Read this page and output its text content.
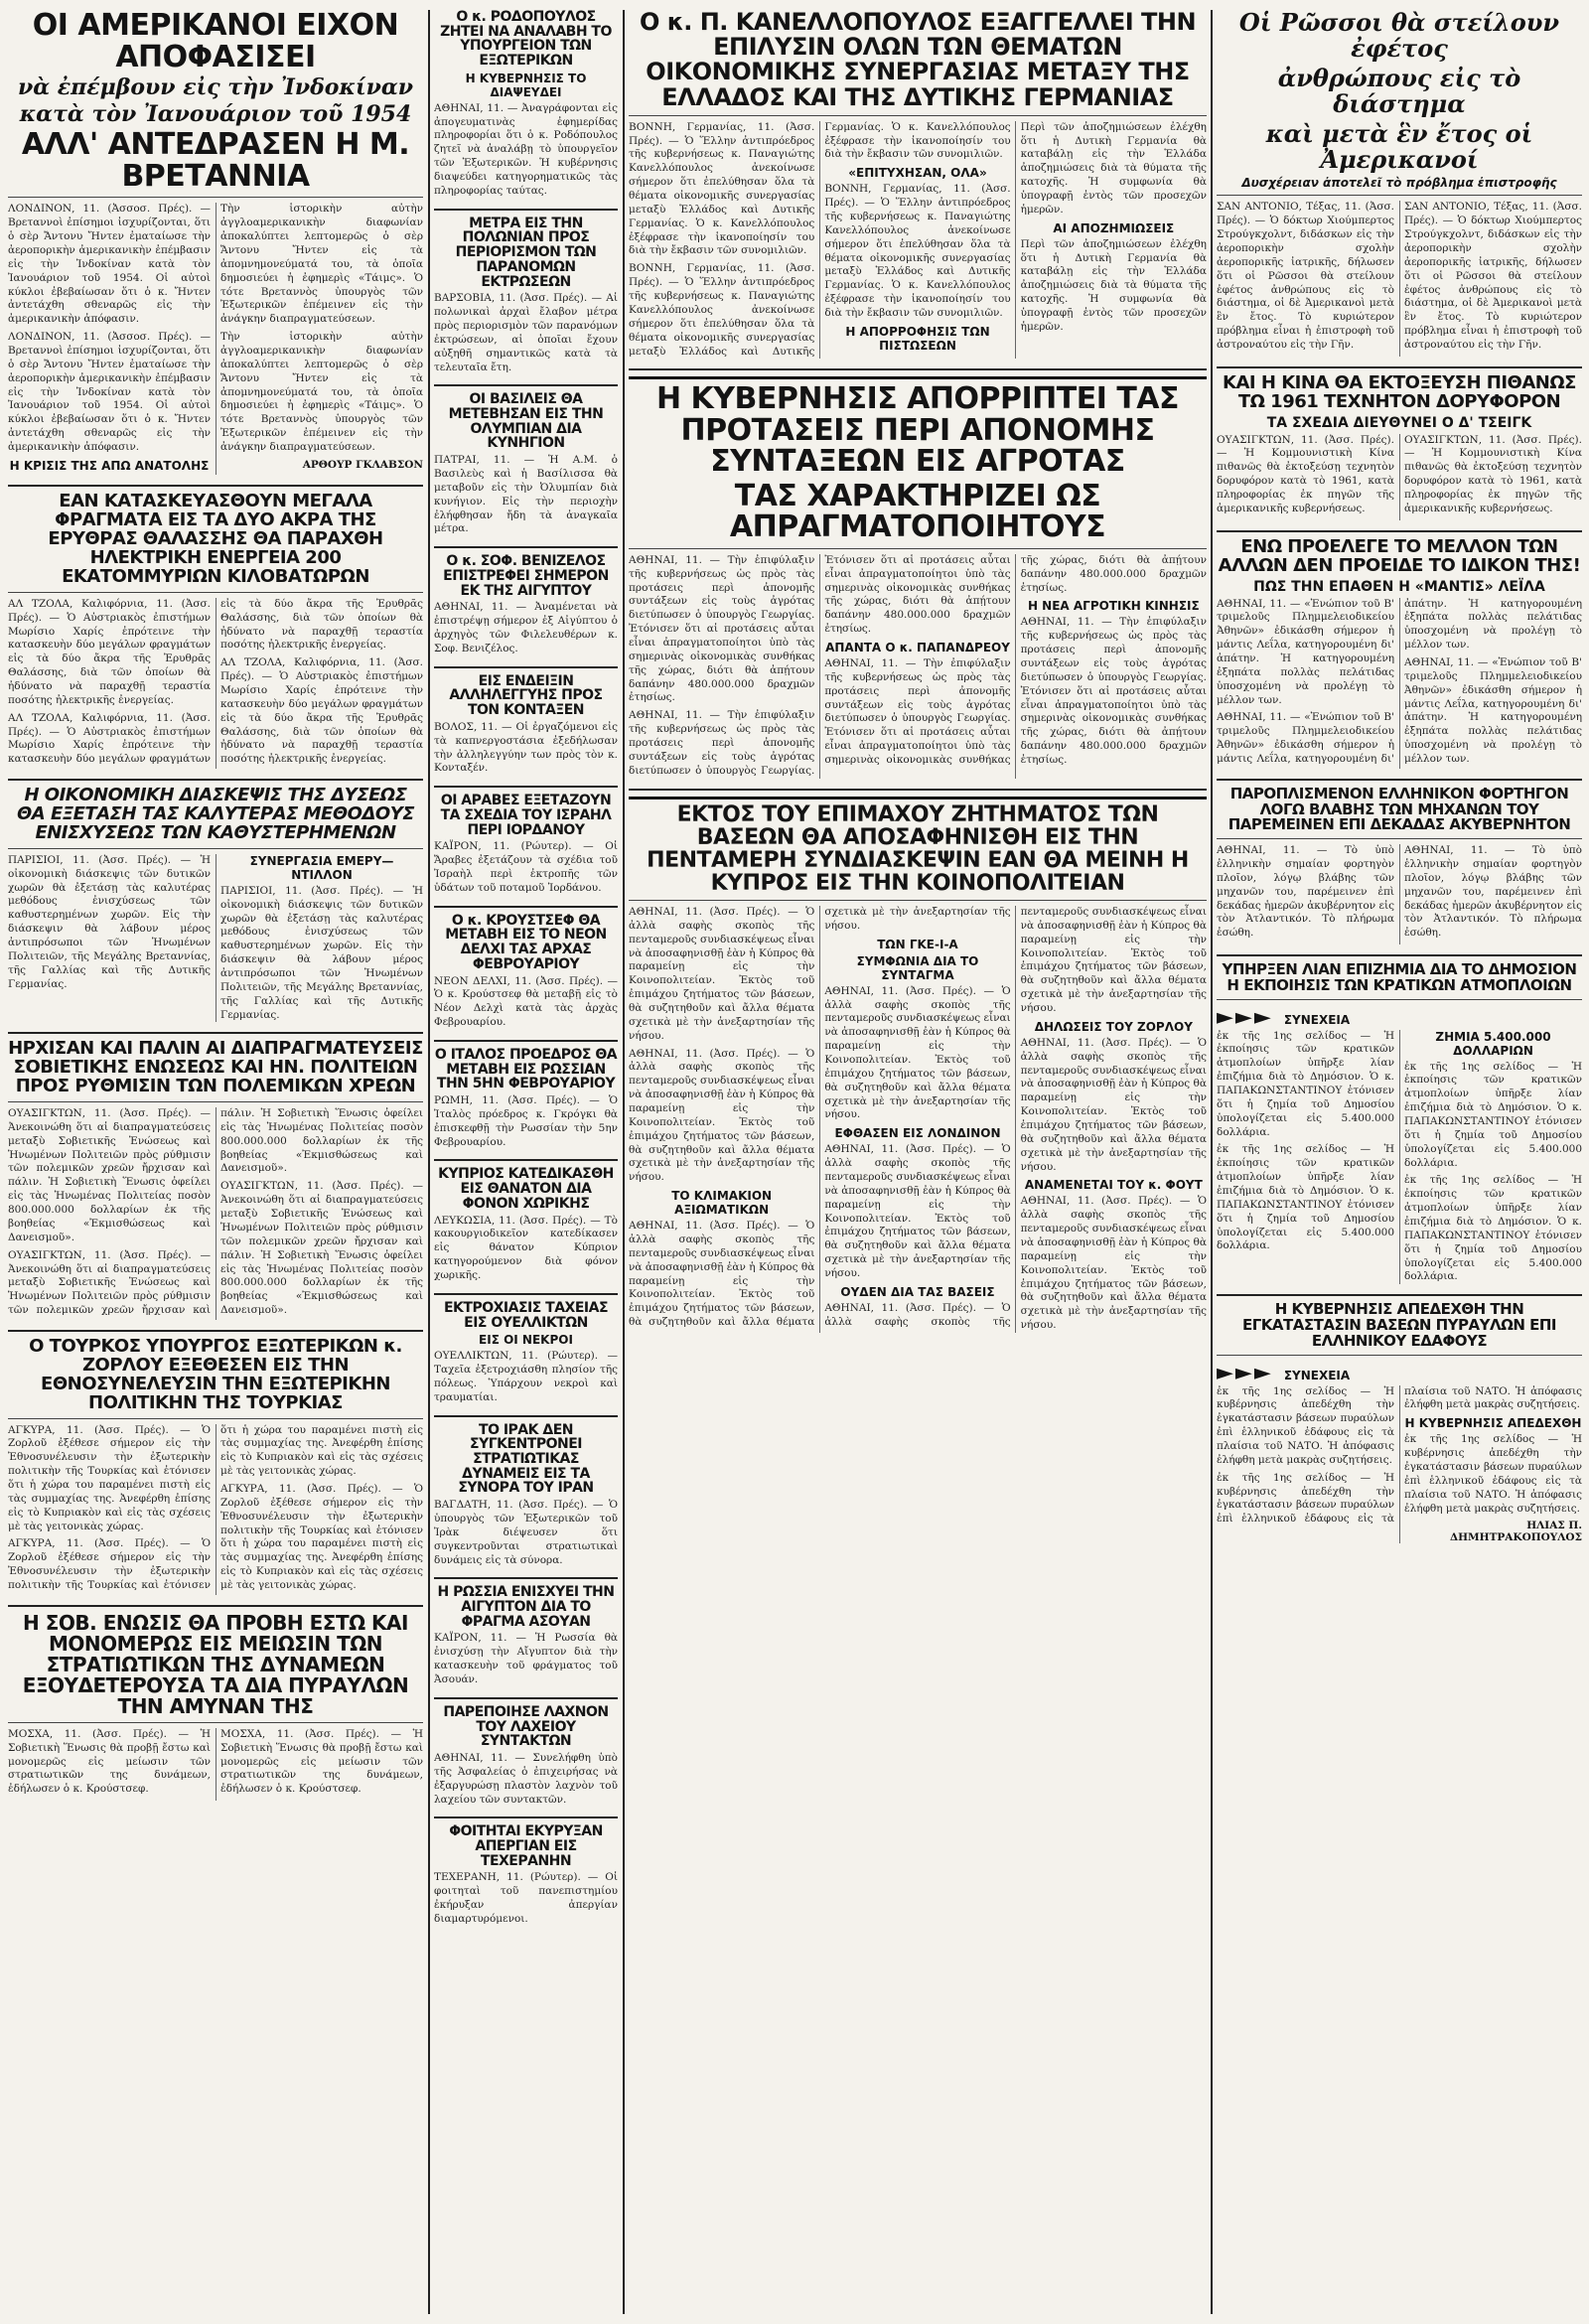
ΟΙ ΑΜΕΡΙΚΑΝΟΙ ΕΙΧΟΝ ΑΠΟΦΑΣΙΣΕΙ
νὰ ἐπέμβουν εἰς τὴν Ἰνδοκίναν
κατὰ τὸν Ἰανουάριον τοῦ 1954
ΑΛΛ' ΑΝΤΕΔΡΑΣΕΝ Η Μ. ΒΡΕΤΑΝΝΙΑ

ΛΟΝΔΙΝΟΝ, 11. (Ἀσσοσ. Πρές). — Βρεταννοὶ ἐπίσημοι ἰσχυρίζονται, ὅτι ὁ σὲρ Ἄντονυ Ἤντεν ἐματαίωσε τὴν ἀεροπορικὴν ἀμερικανικὴν ἐπέμβασιν εἰς τὴν Ἰνδοκίναν κατὰ τὸν Ἰανουάριον τοῦ 1954. Οἱ αὐτοὶ κύκλοι ἐβεβαίωσαν ὅτι ὁ κ. Ἤντεν ἀντετάχθη σθεναρῶς εἰς τὴν ἀμερικανικὴν ἀπόφασιν.

ΛΟΝΔΙΝΟΝ, 11. (Ἀσσοσ. Πρές). — Βρεταννοὶ ἐπίσημοι ἰσχυρίζονται, ὅτι ὁ σὲρ Ἄντονυ Ἤντεν ἐματαίωσε τὴν ἀεροπορικὴν ἀμερικανικὴν ἐπέμβασιν εἰς τὴν Ἰνδοκίναν κατὰ τὸν Ἰανουάριον τοῦ 1954. Οἱ αὐτοὶ κύκλοι ἐβεβαίωσαν ὅτι ὁ κ. Ἤντεν ἀντετάχθη σθεναρῶς εἰς τὴν ἀμερικανικὴν ἀπόφασιν.

Η ΚΡΙΣΙΣ ΤΗΣ ΑΠΩ ΑΝΑΤΟΛΗΣ

Τὴν ἱστορικὴν αὐτὴν ἀγγλοαμερικανικὴν διαφωνίαν ἀποκαλύπτει λεπτομερῶς ὁ σὲρ Ἄντονυ Ἤντεν εἰς τὰ ἀπομνημονεύματά του, τὰ ὁποῖα δημοσιεύει ἡ ἐφημερὶς «Τάιμς». Ὁ τότε Βρεταννὸς ὑπουργὸς τῶν Ἐξωτερικῶν ἐπέμεινεν εἰς τὴν ἀνάγκην διαπραγματεύσεων.

Τὴν ἱστορικὴν αὐτὴν ἀγγλοαμερικανικὴν διαφωνίαν ἀποκαλύπτει λεπτομερῶς ὁ σὲρ Ἄντονυ Ἤντεν εἰς τὰ ἀπομνημονεύματά του, τὰ ὁποῖα δημοσιεύει ἡ ἐφημερὶς «Τάιμς». Ὁ τότε Βρεταννὸς ὑπουργὸς τῶν Ἐξωτερικῶν ἐπέμεινεν εἰς τὴν ἀνάγκην διαπραγματεύσεων.

ΑΡΘΟΥΡ ΓΚΛΑΒΣΟΝ
ΕΑΝ ΚΑΤΑΣΚΕΥΑΣΘΟΥΝ ΜΕΓΑΛΑ ΦΡΑΓΜΑΤΑ ΕΙΣ ΤΑ ΔΥΟ ΑΚΡΑ ΤΗΣ ΕΡΥΘΡΑΣ ΘΑΛΑΣΣΗΣ ΘΑ ΠΑΡΑΧΘΗ ΗΛΕΚΤΡΙΚΗ ΕΝΕΡΓΕΙΑ 200 ΕΚΑΤΟΜΜΥΡΙΩΝ ΚΙΛΟΒΑΤΩΡΩΝ

ΑΛ ΤΖΟΛΑ, Καλιφόρνια, 11. (Ἀσσ. Πρές). — Ὁ Αὐστριακὸς ἐπιστήμων Μωρίσιο Χαρίς ἐπρότεινε τὴν κατασκευὴν δύο μεγάλων φραγμάτων εἰς τὰ δύο ἄκρα τῆς Ἐρυθρᾶς Θαλάσσης, διὰ τῶν ὁποίων θὰ ἠδύνατο νὰ παραχθῇ τεραστία ποσότης ἠλεκτρικῆς ἐνεργείας.

ΑΛ ΤΖΟΛΑ, Καλιφόρνια, 11. (Ἀσσ. Πρές). — Ὁ Αὐστριακὸς ἐπιστήμων Μωρίσιο Χαρίς ἐπρότεινε τὴν κατασκευὴν δύο μεγάλων φραγμάτων εἰς τὰ δύο ἄκρα τῆς Ἐρυθρᾶς Θαλάσσης, διὰ τῶν ὁποίων θὰ ἠδύνατο νὰ παραχθῇ τεραστία ποσότης ἠλεκτρικῆς ἐνεργείας.

ΑΛ ΤΖΟΛΑ, Καλιφόρνια, 11. (Ἀσσ. Πρές). — Ὁ Αὐστριακὸς ἐπιστήμων Μωρίσιο Χαρίς ἐπρότεινε τὴν κατασκευὴν δύο μεγάλων φραγμάτων εἰς τὰ δύο ἄκρα τῆς Ἐρυθρᾶς Θαλάσσης, διὰ τῶν ὁποίων θὰ ἠδύνατο νὰ παραχθῇ τεραστία ποσότης ἠλεκτρικῆς ἐνεργείας.

Η ΟΙΚΟΝΟΜΙΚΗ ΔΙΑΣΚΕΨΙΣ ΤΗΣ ΔΥΣΕΩΣ ΘΑ ΕΞΕΤΑΣΗ ΤΑΣ ΚΑΛΥΤΕΡΑΣ ΜΕΘΟΔΟΥΣ ΕΝΙΣΧΥΣΕΩΣ ΤΩΝ ΚΑΘΥΣΤΕΡΗΜΕΝΩΝ

ΠΑΡΙΣΙΟΙ, 11. (Ἀσσ. Πρές). — Ἡ οἰκονομικὴ διάσκεψις τῶν δυτικῶν χωρῶν θὰ ἐξετάσῃ τὰς καλυτέρας μεθόδους ἐνισχύσεως τῶν καθυστερημένων χωρῶν. Εἰς τὴν διάσκεψιν θὰ λάβουν μέρος ἀντιπρόσωποι τῶν Ἡνωμένων Πολιτειῶν, τῆς Μεγάλης Βρεταννίας, τῆς Γαλλίας καὶ τῆς Δυτικῆς Γερμανίας.

ΣΥΝΕΡΓΑΣΙΑ ΕΜΕΡΥ—ΝΤΙΛΛΟΝ

ΠΑΡΙΣΙΟΙ, 11. (Ἀσσ. Πρές). — Ἡ οἰκονομικὴ διάσκεψις τῶν δυτικῶν χωρῶν θὰ ἐξετάσῃ τὰς καλυτέρας μεθόδους ἐνισχύσεως τῶν καθυστερημένων χωρῶν. Εἰς τὴν διάσκεψιν θὰ λάβουν μέρος ἀντιπρόσωποι τῶν Ἡνωμένων Πολιτειῶν, τῆς Μεγάλης Βρεταννίας, τῆς Γαλλίας καὶ τῆς Δυτικῆς Γερμανίας.

ΗΡΧΙΣΑΝ ΚΑΙ ΠΑΛΙΝ ΑΙ ΔΙΑΠΡΑΓΜΑΤΕΥΣΕΙΣ ΣΟΒΙΕΤΙΚΗΣ ΕΝΩΣΕΩΣ ΚΑΙ ΗΝ. ΠΟΛΙΤΕΙΩΝ ΠΡΟΣ ΡΥΘΜΙΣΙΝ ΤΩΝ ΠΟΛΕΜΙΚΩΝ ΧΡΕΩΝ

ΟΥΑΣΙΓΚΤΩΝ, 11. (Ἀσσ. Πρές). — Ἀνεκοινώθη ὅτι αἱ διαπραγματεύσεις μεταξὺ Σοβιετικῆς Ἑνώσεως καὶ Ἡνωμένων Πολιτειῶν πρὸς ρύθμισιν τῶν πολεμικῶν χρεῶν ἤρχισαν καὶ πάλιν. Ἡ Σοβιετικὴ Ἕνωσις ὀφείλει εἰς τὰς Ἡνωμένας Πολιτείας ποσὸν 800.000.000 δολλαρίων ἐκ τῆς βοηθείας «Ἐκμισθώσεως καὶ Δανεισμοῦ».

ΟΥΑΣΙΓΚΤΩΝ, 11. (Ἀσσ. Πρές). — Ἀνεκοινώθη ὅτι αἱ διαπραγματεύσεις μεταξὺ Σοβιετικῆς Ἑνώσεως καὶ Ἡνωμένων Πολιτειῶν πρὸς ρύθμισιν τῶν πολεμικῶν χρεῶν ἤρχισαν καὶ πάλιν. Ἡ Σοβιετικὴ Ἕνωσις ὀφείλει εἰς τὰς Ἡνωμένας Πολιτείας ποσὸν 800.000.000 δολλαρίων ἐκ τῆς βοηθείας «Ἐκμισθώσεως καὶ Δανεισμοῦ».

ΟΥΑΣΙΓΚΤΩΝ, 11. (Ἀσσ. Πρές). — Ἀνεκοινώθη ὅτι αἱ διαπραγματεύσεις μεταξὺ Σοβιετικῆς Ἑνώσεως καὶ Ἡνωμένων Πολιτειῶν πρὸς ρύθμισιν τῶν πολεμικῶν χρεῶν ἤρχισαν καὶ πάλιν. Ἡ Σοβιετικὴ Ἕνωσις ὀφείλει εἰς τὰς Ἡνωμένας Πολιτείας ποσὸν 800.000.000 δολλαρίων ἐκ τῆς βοηθείας «Ἐκμισθώσεως καὶ Δανεισμοῦ».

Ο ΤΟΥΡΚΟΣ ΥΠΟΥΡΓΟΣ ΕΞΩΤΕΡΙΚΩΝ κ. ΖΟΡΛΟΥ ΕΞΕΘΕΣΕΝ ΕΙΣ ΤΗΝ ΕΘΝΟΣΥΝΕΛΕΥΣΙΝ ΤΗΝ ΕΞΩΤΕΡΙΚΗΝ ΠΟΛΙΤΙΚΗΝ ΤΗΣ ΤΟΥΡΚΙΑΣ

ΑΓΚΥΡΑ, 11. (Ἀσσ. Πρές). — Ὁ Ζορλοῦ ἐξέθεσε σήμερον εἰς τὴν Ἐθνοσυνέλευσιν τὴν ἐξωτερικὴν πολιτικὴν τῆς Τουρκίας καὶ ἐτόνισεν ὅτι ἡ χώρα του παραμένει πιστὴ εἰς τὰς συμμαχίας της. Ἀνεφέρθη ἐπίσης εἰς τὸ Κυπριακὸν καὶ εἰς τὰς σχέσεις μὲ τὰς γειτονικὰς χώρας.

ΑΓΚΥΡΑ, 11. (Ἀσσ. Πρές). — Ὁ Ζορλοῦ ἐξέθεσε σήμερον εἰς τὴν Ἐθνοσυνέλευσιν τὴν ἐξωτερικὴν πολιτικὴν τῆς Τουρκίας καὶ ἐτόνισεν ὅτι ἡ χώρα του παραμένει πιστὴ εἰς τὰς συμμαχίας της. Ἀνεφέρθη ἐπίσης εἰς τὸ Κυπριακὸν καὶ εἰς τὰς σχέσεις μὲ τὰς γειτονικὰς χώρας.

ΑΓΚΥΡΑ, 11. (Ἀσσ. Πρές). — Ὁ Ζορλοῦ ἐξέθεσε σήμερον εἰς τὴν Ἐθνοσυνέλευσιν τὴν ἐξωτερικὴν πολιτικὴν τῆς Τουρκίας καὶ ἐτόνισεν ὅτι ἡ χώρα του παραμένει πιστὴ εἰς τὰς συμμαχίας της. Ἀνεφέρθη ἐπίσης εἰς τὸ Κυπριακὸν καὶ εἰς τὰς σχέσεις μὲ τὰς γειτονικὰς χώρας.

Η ΣΟΒ. ΕΝΩΣΙΣ ΘΑ ΠΡΟΒΗ ΕΣΤΩ ΚΑΙ ΜΟΝΟΜΕΡΩΣ ΕΙΣ ΜΕΙΩΣΙΝ ΤΩΝ ΣΤΡΑΤΙΩΤΙΚΩΝ ΤΗΣ ΔΥΝΑΜΕΩΝ ΕΞΟΥΔΕΤΕΡΟΥΣΑ ΤΑ ΔΙΑ ΠΥΡΑΥΛΩΝ ΤΗΝ ΑΜΥΝΑΝ ΤΗΣ

ΜΟΣΧΑ, 11. (Ἀσσ. Πρές). — Ἡ Σοβιετικὴ Ἕνωσις θὰ προβῇ ἔστω καὶ μονομερῶς εἰς μείωσιν τῶν στρατιωτικῶν της δυνάμεων, ἐδήλωσεν ὁ κ. Κρούστσεφ.

ΜΟΣΧΑ, 11. (Ἀσσ. Πρές). — Ἡ Σοβιετικὴ Ἕνωσις θὰ προβῇ ἔστω καὶ μονομερῶς εἰς μείωσιν τῶν στρατιωτικῶν της δυνάμεων, ἐδήλωσεν ὁ κ. Κρούστσεφ.

Ο κ. ΡΟΔΟΠΟΥΛΟΣ ΖΗΤΕΙ ΝΑ ΑΝΑΛΑΒΗ ΤΟ ΥΠΟΥΡΓΕΙΟΝ ΤΩΝ ΕΞΩΤΕΡΙΚΩΝ
Η ΚΥΒΕΡΝΗΣΙΣ ΤΟ ΔΙΑΨΕΥΔΕΙ

ΑΘΗΝΑΙ, 11. — Ἀναγράφονται εἰς ἀπογευματινὰς ἐφημερίδας πληροφορίαι ὅτι ὁ κ. Ροδόπουλος ζητεῖ νὰ ἀναλάβῃ τὸ ὑπουργεῖον τῶν Ἐξωτερικῶν. Ἡ κυβέρνησις διαψεύδει κατηγορηματικῶς τὰς πληροφορίας ταύτας.

ΜΕΤΡΑ ΕΙΣ ΤΗΝ ΠΟΛΩΝΙΑΝ ΠΡΟΣ ΠΕΡΙΟΡΙΣΜΟΝ ΤΩΝ ΠΑΡΑΝΟΜΩΝ ΕΚΤΡΩΣΕΩΝ

ΒΑΡΣΟΒΙΑ, 11. (Ἀσσ. Πρές). — Αἱ πολωνικαὶ ἀρχαὶ ἔλαβον μέτρα πρὸς περιορισμὸν τῶν παρανόμων ἐκτρώσεων, αἱ ὁποῖαι ἔχουν αὐξηθῆ σημαντικῶς κατὰ τὰ τελευταῖα ἔτη.

ΟΙ ΒΑΣΙΛΕΙΣ ΘΑ ΜΕΤΕΒΗΣΑΝ ΕΙΣ ΤΗΝ ΟΛΥΜΠΙΑΝ ΔΙΑ ΚΥΝΗΓΙΟΝ

ΠΑΤΡΑΙ, 11. — Ἡ Α.Μ. ὁ Βασιλεὺς καὶ ἡ Βασίλισσα θὰ μεταβοῦν εἰς τὴν Ὀλυμπίαν διὰ κυνήγιον. Εἰς τὴν περιοχὴν ἐλήφθησαν ἤδη τὰ ἀναγκαῖα μέτρα.

Ο κ. ΣΟΦ. ΒΕΝΙΖΕΛΟΣ ΕΠΙΣΤΡΕΦΕΙ ΣΗΜΕΡΟΝ ΕΚ ΤΗΣ ΑΙΓΥΠΤΟΥ

ΑΘΗΝΑΙ, 11. — Ἀναμένεται νὰ ἐπιστρέψῃ σήμερον ἐξ Αἰγύπτου ὁ ἀρχηγὸς τῶν Φιλελευθέρων κ. Σοφ. Βενιζέλος.

ΕΙΣ ΕΝΔΕΙΞΙΝ ΑΛΛΗΛΕΓΓΥΗΣ ΠΡΟΣ ΤΟΝ ΚΟΝΤΑΞΕΝ

ΒΟΛΟΣ, 11. — Οἱ ἐργαζόμενοι εἰς τὰ καπνεργοστάσια ἐξεδήλωσαν τὴν ἀλληλεγγύην των πρὸς τὸν κ. Κονταξέν.

ΟΙ ΑΡΑΒΕΣ ΕΞΕΤΑΖΟΥΝ ΤΑ ΣΧΕΔΙΑ ΤΟΥ ΙΣΡΑΗΛ ΠΕΡΙ ΙΟΡΔΑΝΟΥ

ΚΑΪΡΟΝ, 11. (Ρώυτερ). — Οἱ Ἄραβες ἐξετάζουν τὰ σχέδια τοῦ Ἰσραὴλ περὶ ἐκτροπῆς τῶν ὑδάτων τοῦ ποταμοῦ Ἰορδάνου.

Ο κ. ΚΡΟΥΣΤΣΕΦ ΘΑ ΜΕΤΑΒΗ ΕΙΣ ΤΟ ΝΕΟΝ ΔΕΛΧΙ ΤΑΣ ΑΡΧΑΣ ΦΕΒΡΟΥΑΡΙΟΥ

ΝΕΟΝ ΔΕΛΧΙ, 11. (Ἀσσ. Πρές). — Ὁ κ. Κρούστσεφ θὰ μεταβῇ εἰς τὸ Νέον Δελχὶ κατὰ τὰς ἀρχὰς Φεβρουαρίου.

Ο ΙΤΑΛΟΣ ΠΡΟΕΔΡΟΣ ΘΑ ΜΕΤΑΒΗ ΕΙΣ ΡΩΣΣΙΑΝ ΤΗΝ 5ΗΝ ΦΕΒΡΟΥΑΡΙΟΥ

ΡΩΜΗ, 11. (Ἀσσ. Πρές). — Ὁ Ἰταλὸς πρόεδρος κ. Γκρόγκι θὰ ἐπισκεφθῇ τὴν Ρωσσίαν τὴν 5ην Φεβρουαρίου.

ΚΥΠΡΙΟΣ ΚΑΤΕΔΙΚΑΣΘΗ ΕΙΣ ΘΑΝΑΤΟΝ ΔΙΑ ΦΟΝΟΝ ΧΩΡΙΚΗΣ

ΛΕΥΚΩΣΙΑ, 11. (Ἀσσ. Πρές). — Τὸ κακουργιοδικεῖον κατεδίκασεν εἰς θάνατον Κύπριον κατηγορούμενον διὰ φόνον χωρικῆς.

ΕΚΤΡΟΧΙΑΣΙΣ ΤΑΧΕΙΑΣ ΕΙΣ ΟΥΕΛΛΙΚΤΩΝ
ΕΙΣ ΟΙ ΝΕΚΡΟΙ

ΟΥΕΛΛΙΚΤΩΝ, 11. (Ρώυτερ). — Ταχεῖα ἐξετροχιάσθη πλησίον τῆς πόλεως. Ὑπάρχουν νεκροὶ καὶ τραυματίαι.

ΤΟ ΙΡΑΚ ΔΕΝ ΣΥΓΚΕΝΤΡΟΝΕΙ ΣΤΡΑΤΙΩΤΙΚΑΣ ΔΥΝΑΜΕΙΣ ΕΙΣ ΤΑ ΣΥΝΟΡΑ ΤΟΥ ΙΡΑΝ

ΒΑΓΔΑΤΗ, 11. (Ἀσσ. Πρές). — Ὁ ὑπουργὸς τῶν Ἐξωτερικῶν τοῦ Ἰρὰκ διέψευσεν ὅτι συγκεντροῦνται στρατιωτικαὶ δυνάμεις εἰς τὰ σύνορα.

Η ΡΩΣΣΙΑ ΕΝΙΣΧΥΕΙ ΤΗΝ ΑΙΓΥΠΤΟΝ ΔΙΑ ΤΟ ΦΡΑΓΜΑ ΑΣΟΥΑΝ

ΚΑΪΡΟΝ, 11. — Ἡ Ρωσσία θὰ ἐνισχύσῃ τὴν Αἴγυπτον διὰ τὴν κατασκευὴν τοῦ φράγματος τοῦ Ἀσουάν.

ΠΑΡΕΠΟΙΗΣΕ ΛΑΧΝΟΝ ΤΟΥ ΛΑΧΕΙΟΥ ΣΥΝΤΑΚΤΩΝ

ΑΘΗΝΑΙ, 11. — Συνελήφθη ὑπὸ τῆς Ἀσφαλείας ὁ ἐπιχειρήσας νὰ ἐξαργυρώσῃ πλαστὸν λαχνὸν τοῦ λαχείου τῶν συντακτῶν.

ΦΟΙΤΗΤΑΙ ΕΚΥΡΥΞΑΝ ΑΠΕΡΓΙΑΝ ΕΙΣ ΤΕΧΕΡΑΝΗΝ

ΤΕΧΕΡΑΝΗ, 11. (Ρώυτερ). — Οἱ φοιτηταὶ τοῦ πανεπιστημίου ἐκήρυξαν ἀπεργίαν διαμαρτυρόμενοι.

Ο κ. Π. ΚΑΝΕΛΛΟΠΟΥΛΟΣ ΕΞΑΓΓΕΛΛΕΙ ΤΗΝ ΕΠΙΛΥΣΙΝ ΟΛΩΝ ΤΩΝ ΘΕΜΑΤΩΝ ΟΙΚΟΝΟΜΙΚΗΣ ΣΥΝΕΡΓΑΣΙΑΣ ΜΕΤΑΞΥ ΤΗΣ ΕΛΛΑΔΟΣ ΚΑΙ ΤΗΣ ΔΥΤΙΚΗΣ ΓΕΡΜΑΝΙΑΣ

ΒΟΝΝΗ, Γερμανίας, 11. (Ἀσσ. Πρές). — Ὁ Ἕλλην ἀντιπρόεδρος τῆς κυβερνήσεως κ. Παναγιώτης Κανελλόπουλος ἀνεκοίνωσε σήμερον ὅτι ἐπελύθησαν ὅλα τὰ θέματα οἰκονομικῆς συνεργασίας μεταξὺ Ἑλλάδος καὶ Δυτικῆς Γερμανίας. Ὁ κ. Κανελλόπουλος ἐξέφρασε τὴν ἱκανοποίησίν του διὰ τὴν ἔκβασιν τῶν συνομιλιῶν.

ΒΟΝΝΗ, Γερμανίας, 11. (Ἀσσ. Πρές). — Ὁ Ἕλλην ἀντιπρόεδρος τῆς κυβερνήσεως κ. Παναγιώτης Κανελλόπουλος ἀνεκοίνωσε σήμερον ὅτι ἐπελύθησαν ὅλα τὰ θέματα οἰκονομικῆς συνεργασίας μεταξὺ Ἑλλάδος καὶ Δυτικῆς Γερμανίας. Ὁ κ. Κανελλόπουλος ἐξέφρασε τὴν ἱκανοποίησίν του διὰ τὴν ἔκβασιν τῶν συνομιλιῶν.

«ΕΠΙΤΥΧΗΣΑΝ, ΟΛΑ»

ΒΟΝΝΗ, Γερμανίας, 11. (Ἀσσ. Πρές). — Ὁ Ἕλλην ἀντιπρόεδρος τῆς κυβερνήσεως κ. Παναγιώτης Κανελλόπουλος ἀνεκοίνωσε σήμερον ὅτι ἐπελύθησαν ὅλα τὰ θέματα οἰκονομικῆς συνεργασίας μεταξὺ Ἑλλάδος καὶ Δυτικῆς Γερμανίας. Ὁ κ. Κανελλόπουλος ἐξέφρασε τὴν ἱκανοποίησίν του διὰ τὴν ἔκβασιν τῶν συνομιλιῶν.

Η ΑΠΟΡΡΟΦΗΣΙΣ ΤΩΝ ΠΙΣΤΩΣΕΩΝ

Περὶ τῶν ἀποζημιώσεων ἐλέχθη ὅτι ἡ Δυτικὴ Γερμανία θὰ καταβάλῃ εἰς τὴν Ἑλλάδα ἀποζημιώσεις διὰ τὰ θύματα τῆς κατοχῆς. Ἡ συμφωνία θὰ ὑπογραφῇ ἐντὸς τῶν προσεχῶν ἡμερῶν.

ΑΙ ΑΠΟΖΗΜΙΩΣΕΙΣ

Περὶ τῶν ἀποζημιώσεων ἐλέχθη ὅτι ἡ Δυτικὴ Γερμανία θὰ καταβάλῃ εἰς τὴν Ἑλλάδα ἀποζημιώσεις διὰ τὰ θύματα τῆς κατοχῆς. Ἡ συμφωνία θὰ ὑπογραφῇ ἐντὸς τῶν προσεχῶν ἡμερῶν.

Η ΚΥΒΕΡΝΗΣΙΣ ΑΠΟΡΡΙΠΤΕΙ ΤΑΣ ΠΡΟΤΑΣΕΙΣ ΠΕΡΙ ΑΠΟΝΟΜΗΣ ΣΥΝΤΑΞΕΩΝ ΕΙΣ ΑΓΡΟΤΑΣ
ΤΑΣ ΧΑΡΑΚΤΗΡΙΖΕΙ ΩΣ ΑΠΡΑΓΜΑΤΟΠΟΙΗΤΟΥΣ

ΑΘΗΝΑΙ, 11. — Τὴν ἐπιφύλαξιν τῆς κυβερνήσεως ὡς πρὸς τὰς προτάσεις περὶ ἀπονομῆς συντάξεων εἰς τοὺς ἀγρότας διετύπωσεν ὁ ὑπουργὸς Γεωργίας. Ἐτόνισεν ὅτι αἱ προτάσεις αὗται εἶναι ἀπραγματοποίητοι ὑπὸ τὰς σημερινὰς οἰκονομικὰς συνθήκας τῆς χώρας, διότι θὰ ἀπῄτουν δαπάνην 480.000.000 δραχμῶν ἐτησίως.

ΑΘΗΝΑΙ, 11. — Τὴν ἐπιφύλαξιν τῆς κυβερνήσεως ὡς πρὸς τὰς προτάσεις περὶ ἀπονομῆς συντάξεων εἰς τοὺς ἀγρότας διετύπωσεν ὁ ὑπουργὸς Γεωργίας. Ἐτόνισεν ὅτι αἱ προτάσεις αὗται εἶναι ἀπραγματοποίητοι ὑπὸ τὰς σημερινὰς οἰκονομικὰς συνθήκας τῆς χώρας, διότι θὰ ἀπῄτουν δαπάνην 480.000.000 δραχμῶν ἐτησίως.

ΑΠΑΝΤΑ Ο κ. ΠΑΠΑΝΔΡΕΟΥ

ΑΘΗΝΑΙ, 11. — Τὴν ἐπιφύλαξιν τῆς κυβερνήσεως ὡς πρὸς τὰς προτάσεις περὶ ἀπονομῆς συντάξεων εἰς τοὺς ἀγρότας διετύπωσεν ὁ ὑπουργὸς Γεωργίας. Ἐτόνισεν ὅτι αἱ προτάσεις αὗται εἶναι ἀπραγματοποίητοι ὑπὸ τὰς σημερινὰς οἰκονομικὰς συνθήκας τῆς χώρας, διότι θὰ ἀπῄτουν δαπάνην 480.000.000 δραχμῶν ἐτησίως.

Η ΝΕΑ ΑΓΡΟΤΙΚΗ ΚΙΝΗΣΙΣ

ΑΘΗΝΑΙ, 11. — Τὴν ἐπιφύλαξιν τῆς κυβερνήσεως ὡς πρὸς τὰς προτάσεις περὶ ἀπονομῆς συντάξεων εἰς τοὺς ἀγρότας διετύπωσεν ὁ ὑπουργὸς Γεωργίας. Ἐτόνισεν ὅτι αἱ προτάσεις αὗται εἶναι ἀπραγματοποίητοι ὑπὸ τὰς σημερινὰς οἰκονομικὰς συνθήκας τῆς χώρας, διότι θὰ ἀπῄτουν δαπάνην 480.000.000 δραχμῶν ἐτησίως.

ΕΚΤΟΣ ΤΟΥ ΕΠΙΜΑΧΟΥ ΖΗΤΗΜΑΤΟΣ ΤΩΝ ΒΑΣΕΩΝ ΘΑ ΑΠΟΣΑΦΗΝΙΣΘΗ ΕΙΣ ΤΗΝ ΠΕΝΤΑΜΕΡΗ ΣΥΝΔΙΑΣΚΕΨΙΝ ΕΑΝ ΘΑ ΜΕΙΝΗ Η ΚΥΠΡΟΣ ΕΙΣ ΤΗΝ ΚΟΙΝΟΠΟΛΙΤΕΙΑΝ

ΑΘΗΝΑΙ, 11. (Ἀσσ. Πρές). — Ὁ ἀλλὰ σαφὴς σκοπὸς τῆς πενταμεροῦς συνδιασκέψεως εἶναι νὰ ἀποσαφηνισθῇ ἐὰν ἡ Κύπρος θὰ παραμείνῃ εἰς τὴν Κοινοπολιτείαν. Ἐκτὸς τοῦ ἐπιμάχου ζητήματος τῶν βάσεων, θὰ συζητηθοῦν καὶ ἄλλα θέματα σχετικὰ μὲ τὴν ἀνεξαρτησίαν τῆς νήσου.

ΑΘΗΝΑΙ, 11. (Ἀσσ. Πρές). — Ὁ ἀλλὰ σαφὴς σκοπὸς τῆς πενταμεροῦς συνδιασκέψεως εἶναι νὰ ἀποσαφηνισθῇ ἐὰν ἡ Κύπρος θὰ παραμείνῃ εἰς τὴν Κοινοπολιτείαν. Ἐκτὸς τοῦ ἐπιμάχου ζητήματος τῶν βάσεων, θὰ συζητηθοῦν καὶ ἄλλα θέματα σχετικὰ μὲ τὴν ἀνεξαρτησίαν τῆς νήσου.

ΤΟ ΚΛΙΜΑΚΙΟΝ ΑΞΙΩΜΑΤΙΚΩΝ

ΑΘΗΝΑΙ, 11. (Ἀσσ. Πρές). — Ὁ ἀλλὰ σαφὴς σκοπὸς τῆς πενταμεροῦς συνδιασκέψεως εἶναι νὰ ἀποσαφηνισθῇ ἐὰν ἡ Κύπρος θὰ παραμείνῃ εἰς τὴν Κοινοπολιτείαν. Ἐκτὸς τοῦ ἐπιμάχου ζητήματος τῶν βάσεων, θὰ συζητηθοῦν καὶ ἄλλα θέματα σχετικὰ μὲ τὴν ἀνεξαρτησίαν τῆς νήσου.

ΤΩΝ ΓΚΕ-Ι-Α
ΣΥΜΦΩΝΙΑ ΔΙΑ ΤΟ ΣΥΝΤΑΓΜΑ

ΑΘΗΝΑΙ, 11. (Ἀσσ. Πρές). — Ὁ ἀλλὰ σαφὴς σκοπὸς τῆς πενταμεροῦς συνδιασκέψεως εἶναι νὰ ἀποσαφηνισθῇ ἐὰν ἡ Κύπρος θὰ παραμείνῃ εἰς τὴν Κοινοπολιτείαν. Ἐκτὸς τοῦ ἐπιμάχου ζητήματος τῶν βάσεων, θὰ συζητηθοῦν καὶ ἄλλα θέματα σχετικὰ μὲ τὴν ἀνεξαρτησίαν τῆς νήσου.

ΕΦΘΑΣΕΝ ΕΙΣ ΛΟΝΔΙΝΟΝ

ΑΘΗΝΑΙ, 11. (Ἀσσ. Πρές). — Ὁ ἀλλὰ σαφὴς σκοπὸς τῆς πενταμεροῦς συνδιασκέψεως εἶναι νὰ ἀποσαφηνισθῇ ἐὰν ἡ Κύπρος θὰ παραμείνῃ εἰς τὴν Κοινοπολιτείαν. Ἐκτὸς τοῦ ἐπιμάχου ζητήματος τῶν βάσεων, θὰ συζητηθοῦν καὶ ἄλλα θέματα σχετικὰ μὲ τὴν ἀνεξαρτησίαν τῆς νήσου.

ΟΥΔΕΝ ΔΙΑ ΤΑΣ ΒΑΣΕΙΣ

ΑΘΗΝΑΙ, 11. (Ἀσσ. Πρές). — Ὁ ἀλλὰ σαφὴς σκοπὸς τῆς πενταμεροῦς συνδιασκέψεως εἶναι νὰ ἀποσαφηνισθῇ ἐὰν ἡ Κύπρος θὰ παραμείνῃ εἰς τὴν Κοινοπολιτείαν. Ἐκτὸς τοῦ ἐπιμάχου ζητήματος τῶν βάσεων, θὰ συζητηθοῦν καὶ ἄλλα θέματα σχετικὰ μὲ τὴν ἀνεξαρτησίαν τῆς νήσου.

ΔΗΛΩΣΕΙΣ ΤΟΥ ΖΟΡΛΟΥ

ΑΘΗΝΑΙ, 11. (Ἀσσ. Πρές). — Ὁ ἀλλὰ σαφὴς σκοπὸς τῆς πενταμεροῦς συνδιασκέψεως εἶναι νὰ ἀποσαφηνισθῇ ἐὰν ἡ Κύπρος θὰ παραμείνῃ εἰς τὴν Κοινοπολιτείαν. Ἐκτὸς τοῦ ἐπιμάχου ζητήματος τῶν βάσεων, θὰ συζητηθοῦν καὶ ἄλλα θέματα σχετικὰ μὲ τὴν ἀνεξαρτησίαν τῆς νήσου.

ΑΝΑΜΕΝΕΤΑΙ ΤΟΥ κ. ΦΟΥΤ

ΑΘΗΝΑΙ, 11. (Ἀσσ. Πρές). — Ὁ ἀλλὰ σαφὴς σκοπὸς τῆς πενταμεροῦς συνδιασκέψεως εἶναι νὰ ἀποσαφηνισθῇ ἐὰν ἡ Κύπρος θὰ παραμείνῃ εἰς τὴν Κοινοπολιτείαν. Ἐκτὸς τοῦ ἐπιμάχου ζητήματος τῶν βάσεων, θὰ συζητηθοῦν καὶ ἄλλα θέματα σχετικὰ μὲ τὴν ἀνεξαρτησίαν τῆς νήσου.

Οἱ Ρῶσσοι θὰ στείλουν ἐφέτος
ἀνθρώπους εἰς τὸ διάστημα
καὶ μετὰ ἓν ἔτος οἱ Ἀμερικανοί
Δυσχέρειαν ἀποτελεῖ τὸ πρόβλημα ἐπιστροφῆς

ΣΑΝ ΑΝΤΟΝΙΟ, Τέξας, 11. (Ἀσσ. Πρές). — Ὁ δόκτωρ Χιούμπερτος Στρούγκχολντ, διδάσκων εἰς τὴν ἀεροπορικὴν σχολὴν ἀεροπορικῆς ἰατρικῆς, δήλωσεν ὅτι οἱ Ρῶσσοι θὰ στείλουν ἐφέτος ἀνθρώπους εἰς τὸ διάστημα, οἱ δὲ Ἀμερικανοὶ μετὰ ἓν ἔτος. Τὸ κυριώτερον πρόβλημα εἶναι ἡ ἐπιστροφὴ τοῦ ἀστροναύτου εἰς τὴν Γῆν.

ΣΑΝ ΑΝΤΟΝΙΟ, Τέξας, 11. (Ἀσσ. Πρές). — Ὁ δόκτωρ Χιούμπερτος Στρούγκχολντ, διδάσκων εἰς τὴν ἀεροπορικὴν σχολὴν ἀεροπορικῆς ἰατρικῆς, δήλωσεν ὅτι οἱ Ρῶσσοι θὰ στείλουν ἐφέτος ἀνθρώπους εἰς τὸ διάστημα, οἱ δὲ Ἀμερικανοὶ μετὰ ἓν ἔτος. Τὸ κυριώτερον πρόβλημα εἶναι ἡ ἐπιστροφὴ τοῦ ἀστροναύτου εἰς τὴν Γῆν.

ΚΑΙ Η ΚΙΝΑ ΘΑ ΕΚΤΟΞΕΥΣΗ ΠΙΘΑΝΩΣ ΤΩ 1961 ΤΕΧΝΗΤΟΝ ΔΟΡΥΦΟΡΟΝ
ΤΑ ΣΧΕΔΙΑ ΔΙΕΥΘΥΝΕΙ Ο Δ' ΤΣΕΙΓΚ

ΟΥΑΣΙΓΚΤΩΝ, 11. (Ἀσσ. Πρές). — Ἡ Κομμουνιστικὴ Κίνα πιθανῶς θὰ ἐκτοξεύσῃ τεχνητὸν δορυφόρον κατὰ τὸ 1961, κατὰ πληροφορίας ἐκ πηγῶν τῆς ἀμερικανικῆς κυβερνήσεως.

ΟΥΑΣΙΓΚΤΩΝ, 11. (Ἀσσ. Πρές). — Ἡ Κομμουνιστικὴ Κίνα πιθανῶς θὰ ἐκτοξεύσῃ τεχνητὸν δορυφόρον κατὰ τὸ 1961, κατὰ πληροφορίας ἐκ πηγῶν τῆς ἀμερικανικῆς κυβερνήσεως.

ΕΝΩ ΠΡΟΕΛΕΓΕ ΤΟ ΜΕΛΛΟΝ ΤΩΝ ΑΛΛΩΝ ΔΕΝ ΠΡΟΕΙΔΕ ΤΟ ΙΔΙΚΟΝ ΤΗΣ!
ΠΩΣ ΤΗΝ ΕΠΑΘΕΝ Η «ΜΑΝΤΙΣ» ΛΕΪΛΑ

ΑΘΗΝΑΙ, 11. — «Ἐνώπιον τοῦ Β' τριμελοῦς Πλημμελειοδικείου Ἀθηνῶν» ἐδικάσθη σήμερον ἡ μάντις Λεΐλα, κατηγορουμένη δι' ἀπάτην. Ἡ κατηγορουμένη ἐξηπάτα πολλὰς πελάτιδας ὑποσχομένη νὰ προλέγῃ τὸ μέλλον των.

ΑΘΗΝΑΙ, 11. — «Ἐνώπιον τοῦ Β' τριμελοῦς Πλημμελειοδικείου Ἀθηνῶν» ἐδικάσθη σήμερον ἡ μάντις Λεΐλα, κατηγορουμένη δι' ἀπάτην. Ἡ κατηγορουμένη ἐξηπάτα πολλὰς πελάτιδας ὑποσχομένη νὰ προλέγῃ τὸ μέλλον των.

ΑΘΗΝΑΙ, 11. — «Ἐνώπιον τοῦ Β' τριμελοῦς Πλημμελειοδικείου Ἀθηνῶν» ἐδικάσθη σήμερον ἡ μάντις Λεΐλα, κατηγορουμένη δι' ἀπάτην. Ἡ κατηγορουμένη ἐξηπάτα πολλὰς πελάτιδας ὑποσχομένη νὰ προλέγῃ τὸ μέλλον των.

ΠΑΡΟΠΛΙΣΜΕΝΟΝ ΕΛΛΗΝΙΚΟΝ ΦΟΡΤΗΓΟΝ ΛΟΓΩ ΒΛΑΒΗΣ ΤΩΝ ΜΗΧΑΝΩΝ ΤΟΥ ΠΑΡΕΜΕΙΝΕΝ ΕΠΙ ΔΕΚΑΔΑΣ ΑΚΥΒΕΡΝΗΤΟΝ

ΑΘΗΝΑΙ, 11. — Τὸ ὑπὸ ἑλληνικὴν σημαίαν φορτηγὸν πλοῖον, λόγῳ βλάβης τῶν μηχανῶν του, παρέμεινεν ἐπὶ δεκάδας ἡμερῶν ἀκυβέρνητον εἰς τὸν Ἀτλαντικόν. Τὸ πλήρωμα ἐσώθη.

ΑΘΗΝΑΙ, 11. — Τὸ ὑπὸ ἑλληνικὴν σημαίαν φορτηγὸν πλοῖον, λόγῳ βλάβης τῶν μηχανῶν του, παρέμεινεν ἐπὶ δεκάδας ἡμερῶν ἀκυβέρνητον εἰς τὸν Ἀτλαντικόν. Τὸ πλήρωμα ἐσώθη.

ΥΠΗΡΞΕΝ ΛΙΑΝ ΕΠΙΖΗΜΙΑ ΔΙΑ ΤΟ ΔΗΜΟΣΙΟΝ Η ΕΚΠΟΙΗΣΙΣ ΤΩΝ ΚΡΑΤΙΚΩΝ ΑΤΜΟΠΛΟΙΩΝ
►►► ΣΥΝΕΧΕΙΑ

ἐκ τῆς 1ης σελίδος — Ἡ ἐκποίησις τῶν κρατικῶν ἀτμοπλοίων ὑπῆρξε λίαν ἐπιζήμια διὰ τὸ Δημόσιον. Ὁ κ. ΠΑΠΑΚΩΝΣΤΑΝΤΙΝΟΥ ἐτόνισεν ὅτι ἡ ζημία τοῦ Δημοσίου ὑπολογίζεται εἰς 5.400.000 δολλάρια.

ἐκ τῆς 1ης σελίδος — Ἡ ἐκποίησις τῶν κρατικῶν ἀτμοπλοίων ὑπῆρξε λίαν ἐπιζήμια διὰ τὸ Δημόσιον. Ὁ κ. ΠΑΠΑΚΩΝΣΤΑΝΤΙΝΟΥ ἐτόνισεν ὅτι ἡ ζημία τοῦ Δημοσίου ὑπολογίζεται εἰς 5.400.000 δολλάρια.

ΖΗΜΙΑ 5.400.000 ΔΟΛΛΑΡΙΩΝ

ἐκ τῆς 1ης σελίδος — Ἡ ἐκποίησις τῶν κρατικῶν ἀτμοπλοίων ὑπῆρξε λίαν ἐπιζήμια διὰ τὸ Δημόσιον. Ὁ κ. ΠΑΠΑΚΩΝΣΤΑΝΤΙΝΟΥ ἐτόνισεν ὅτι ἡ ζημία τοῦ Δημοσίου ὑπολογίζεται εἰς 5.400.000 δολλάρια.

ἐκ τῆς 1ης σελίδος — Ἡ ἐκποίησις τῶν κρατικῶν ἀτμοπλοίων ὑπῆρξε λίαν ἐπιζήμια διὰ τὸ Δημόσιον. Ὁ κ. ΠΑΠΑΚΩΝΣΤΑΝΤΙΝΟΥ ἐτόνισεν ὅτι ἡ ζημία τοῦ Δημοσίου ὑπολογίζεται εἰς 5.400.000 δολλάρια.

Η ΚΥΒΕΡΝΗΣΙΣ ΑΠΕΔΕΧΘΗ ΤΗΝ ΕΓΚΑΤΑΣΤΑΣΙΝ ΒΑΣΕΩΝ ΠΥΡΑΥΛΩΝ ΕΠΙ ΕΛΛΗΝΙΚΟΥ ΕΔΑΦΟΥΣ
►►► ΣΥΝΕΧΕΙΑ

ἐκ τῆς 1ης σελίδος — Ἡ κυβέρνησις ἀπεδέχθη τὴν ἐγκατάστασιν βάσεων πυραύλων ἐπὶ ἑλληνικοῦ ἐδάφους εἰς τὰ πλαίσια τοῦ ΝΑΤΟ. Ἡ ἀπόφασις ἐλήφθη μετὰ μακρὰς συζητήσεις.

ἐκ τῆς 1ης σελίδος — Ἡ κυβέρνησις ἀπεδέχθη τὴν ἐγκατάστασιν βάσεων πυραύλων ἐπὶ ἑλληνικοῦ ἐδάφους εἰς τὰ πλαίσια τοῦ ΝΑΤΟ. Ἡ ἀπόφασις ἐλήφθη μετὰ μακρὰς συζητήσεις.

Η ΚΥΒΕΡΝΗΣΙΣ ΑΠΕΔΕΧΘΗ

ἐκ τῆς 1ης σελίδος — Ἡ κυβέρνησις ἀπεδέχθη τὴν ἐγκατάστασιν βάσεων πυραύλων ἐπὶ ἑλληνικοῦ ἐδάφους εἰς τὰ πλαίσια τοῦ ΝΑΤΟ. Ἡ ἀπόφασις ἐλήφθη μετὰ μακρὰς συζητήσεις.

ΗΛΙΑΣ Π. ΔΗΜΗΤΡΑΚΟΠΟΥΛΟΣ
